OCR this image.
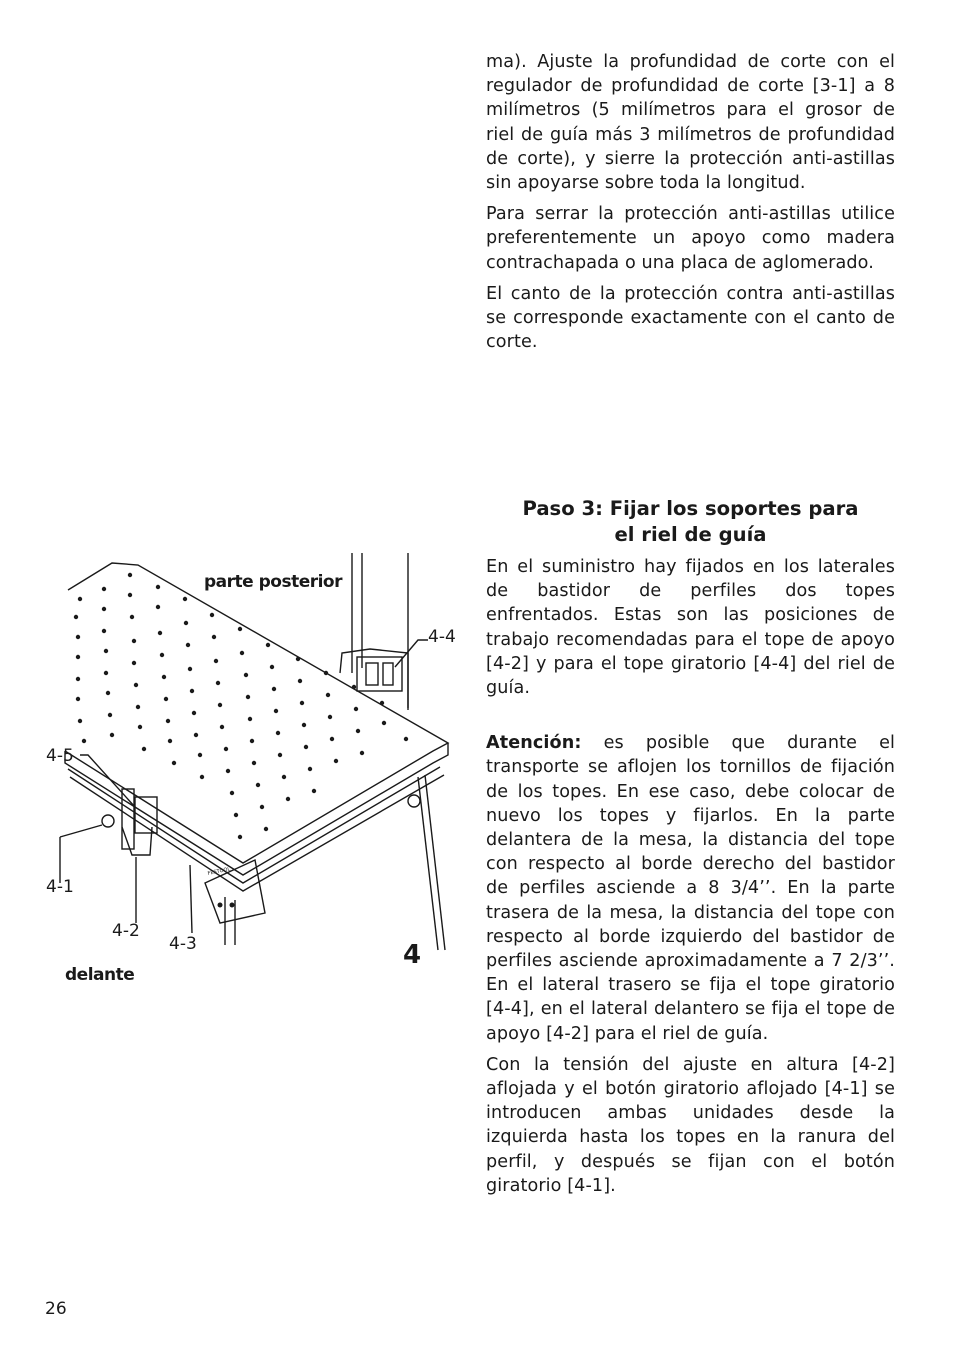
ma). Ajuste la profundidad de corte con el regulador de profundidad de corte [3-1] a 8 milímetros (5 milímetros para el grosor de riel de guía más 3 milímetros de profundidad de corte), y sierre la protección anti-astillas sin apoyarse sobre toda la longitud.

Para serrar la protección anti-astillas utilice preferentemente un apoyo como madera contrachapada o una placa de aglomerado.

El canto de la protección contra anti-astillas se corresponde exactamente con el canto de corte.

Paso 3: Fijar los soportes para
el riel de guía

En el suministro hay fijados en los laterales de bastidor de perfiles dos topes enfrentados. Estas son las posiciones de trabajo recomendadas para el tope de apoyo [4-2] y para el tope giratorio [4-4] del riel de guía.

Atención: es posible que durante el transporte se aflojen los tornillos de fijación de los topes. En ese caso, debe colocar de nuevo los topes y fijarlos. En la parte delantera de la mesa, la distancia del tope con respecto al borde derecho del bastidor de perfiles asciende a 8 3/4’’. En la parte trasera de la mesa, la distancia del tope con respecto al borde izquierdo del bastidor de perfiles asciende aproximadamente a 7 2/3’’. En el lateral trasero se fija el tope giratorio [4-4], en el lateral delantero se fija el tope de apoyo [4-2] para el riel de guía.

Con la tensión del ajuste en altura [4-2] aflojada y el botón giratorio aflojado [4-1] se introducen ambas unidades desde la izquierda hasta los topes en la ranura del perfil, y después se fijan con el botón giratorio [4-1].

FESTOOL
parte posterior
4-4
4-5
4-1
4-2
4-3	4
delante
26
